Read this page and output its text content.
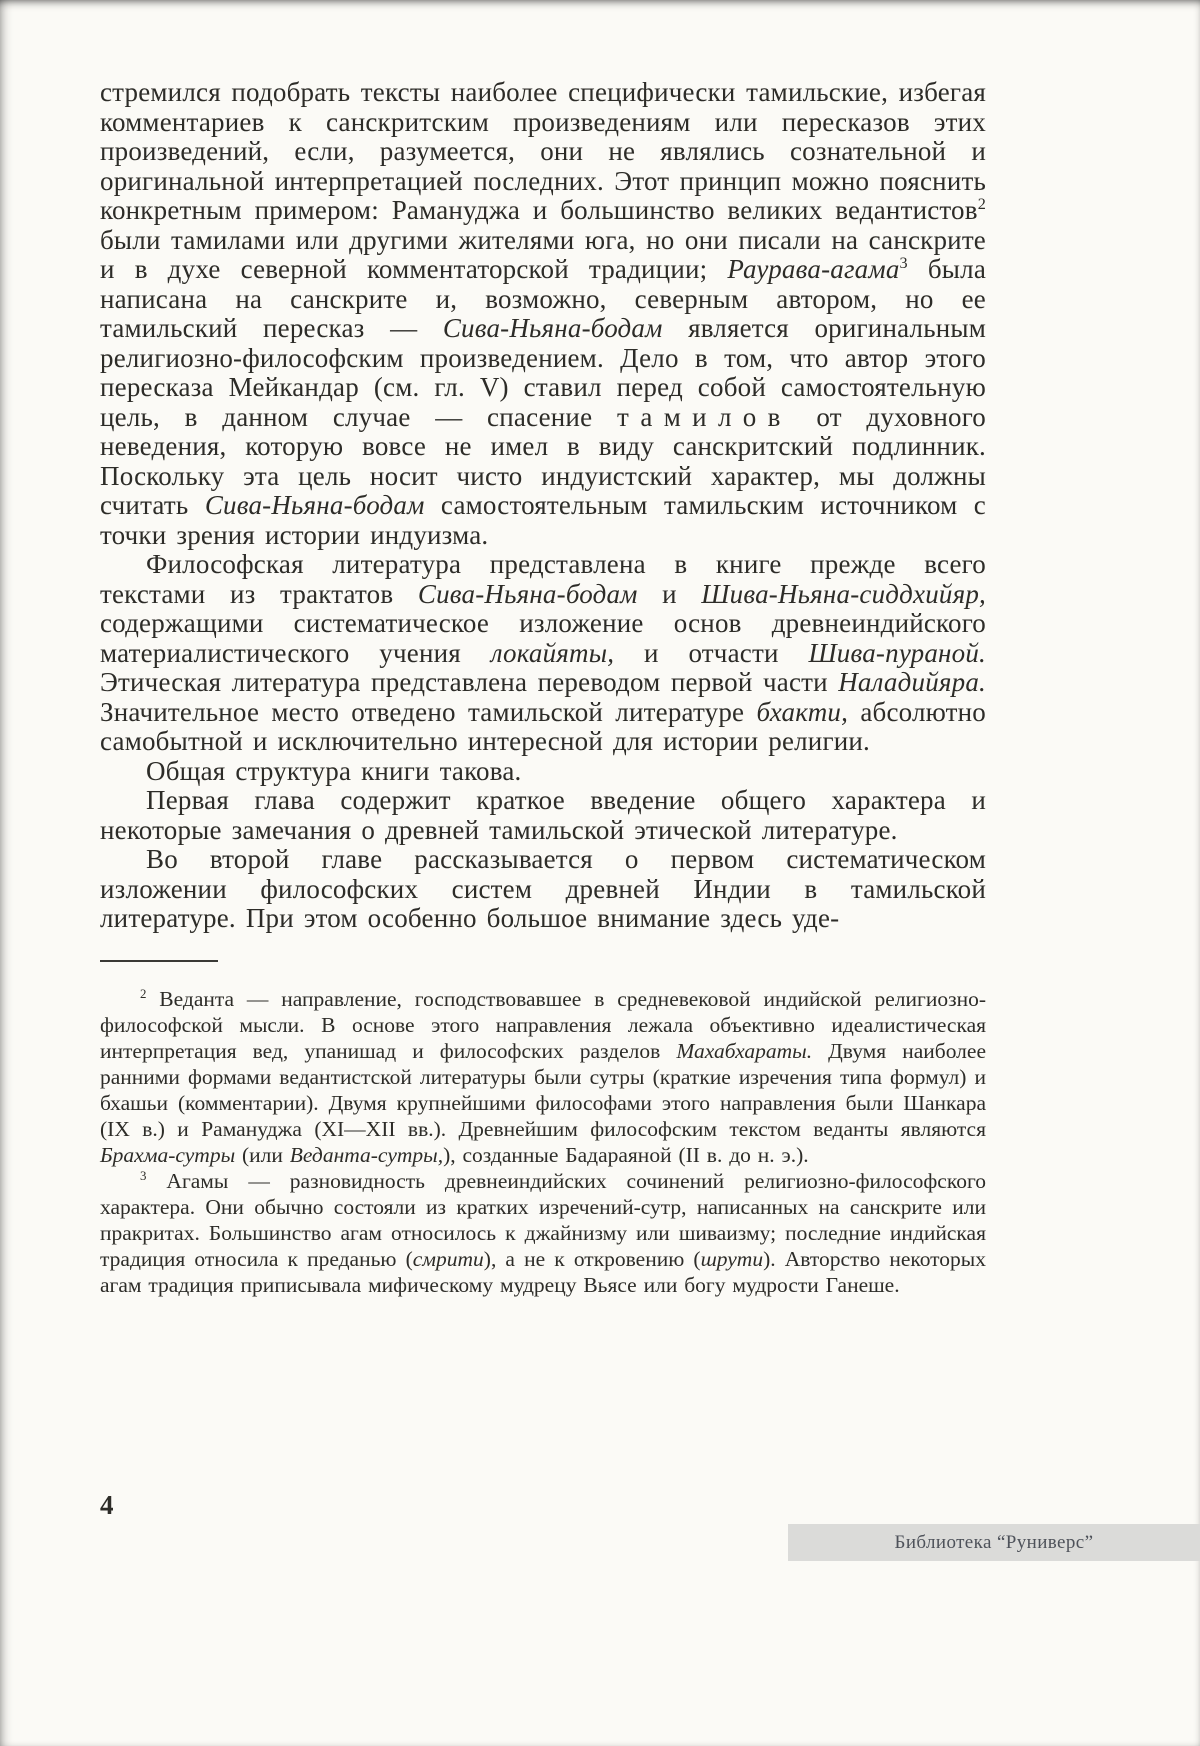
стремился подобрать тексты наиболее специфически тамильские, избегая комментариев к санскритским произведениям или пересказов этих произведений, если, разумеется, они не являлись сознательной и оригинальной интерпретацией последних. Этот принцип можно пояснить конкретным примером: Рамануджа и большинство великих ведантистов$^2$ были тамилами или другими жителями юга, но они писали на санскрите и в духе северной комментаторской традиции; Раурава-агама$^3$ была написана на санскрите и, возможно, северным автором, но ее тамильский пересказ — Сива-Ньяна-бодам является оригинальным религиозно-философским произведением. Дело в том, что автор этого пересказа Мейкандар (см. гл. V) ставил перед собой самостоятельную цель, в данном случае — спасение тамилов от духовного неведения, которую вовсе не имел в виду санскритский подлинник. Поскольку эта цель носит чисто индуистский характер, мы должны считать Сива-Ньяна-бодам самостоятельным тамильским источником с точки зрения истории индуизма.

Философская литература представлена в книге прежде всего текстами из трактатов Сива-Ньяна-бодам и Шива-Ньяна-сиддхийяр, содержащими систематическое изложение основ древнеиндийского материалистического учения локайяты, и отчасти Шива-пураной. Этическая литература представлена переводом первой части Наладийяра. Значительное место отведено тамильской литературе бхакти, абсолютно самобытной и исключительно интересной для истории религии.

Общая структура книги такова.

Первая глава содержит краткое введение общего характера и некоторые замечания о древней тамильской этической литературе.

Во второй главе рассказывается о первом систематическом изложении философских систем древней Индии в тамильской литературе. При этом особенно большое внимание здесь уде-

$^2$ Веданта — направление, господствовавшее в средневековой индийской религиозно-философской мысли. В основе этого направления лежала объективно идеалистическая интерпретация вед, упанишад и философских разделов Махабхараты. Двумя наиболее ранними формами ведантистской литературы были сутры (краткие изречения типа формул) и бхашьи (комментарии). Двумя крупнейшими философами этого направления были Шанкара (IX в.) и Рамануджа (XI—XII вв.). Древнейшим философским текстом веданты являются Брахма-сутры (или Веданта-сутры,), созданные Бадараяной (II в. до н. э.).

$^3$ Агамы — разновидность древнеиндийских сочинений религиозно-философского характера. Они обычно состояли из кратких изречений-сутр, написанных на санскрите или пракритах. Большинство агам относилось к джайнизму или шиваизму; последние индийская традиция относила к преданью (смрити), а не к откровению (шрути). Авторство некоторых агам традиция приписывала мифическому мудрецу Вьясе или богу мудрости Ганеше.

4
Библиотека “Руниверс”
